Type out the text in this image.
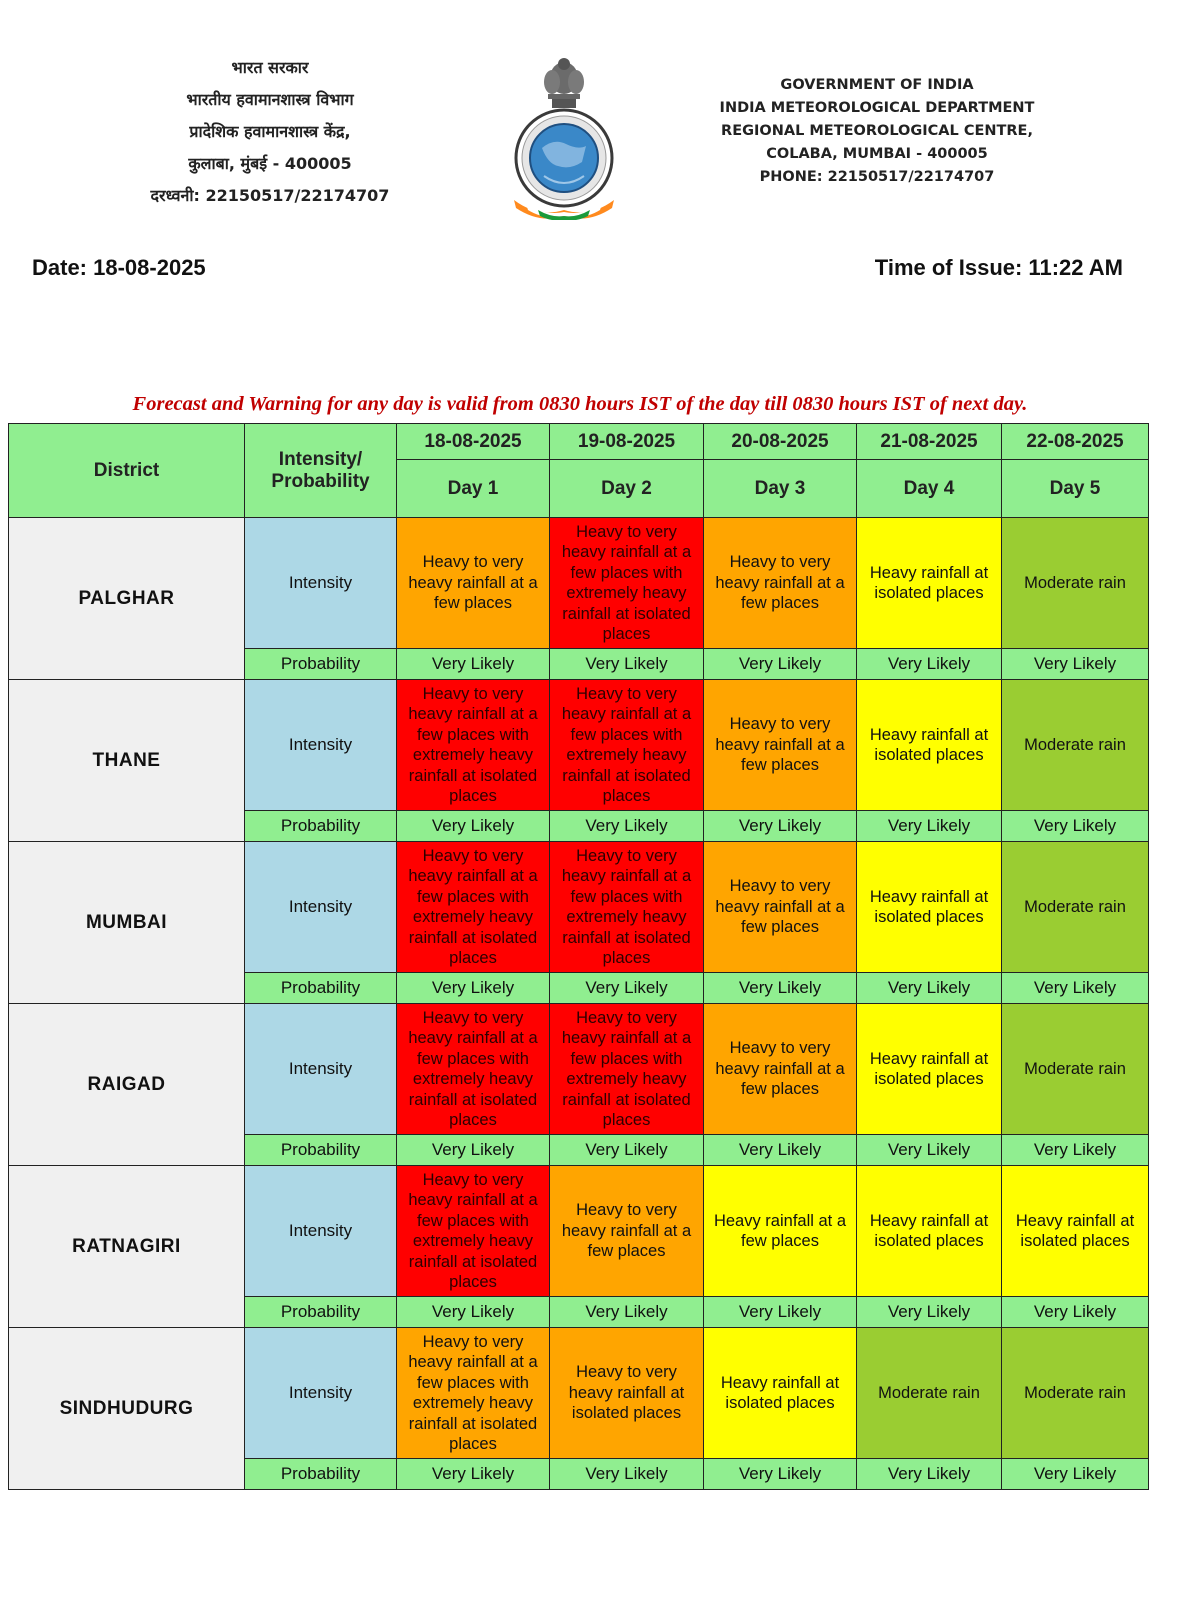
भारत सरकार
भारतीय हवामानशास्त्र विभाग
प्रादेशिक हवामानशास्त्र केंद्र,
कुलाबा, मुंबई - 400005
दरध्वनी: 22150517/22174707
GOVERNMENT OF INDIA
INDIA METEOROLOGICAL DEPARTMENT
REGIONAL METEOROLOGICAL CENTRE,
COLABA, MUMBAI - 400005
PHONE: 22150517/22174707
Date: 18-08-2025	Time of Issue: 11:22 AM
Forecast and Warning for any day is valid from 0830 hours IST of the day till 0830 hours IST of next day.
District	Intensity/ Probability	18-08-2025	19-08-2025	20-08-2025	21-08-2025	22-08-2025
		Day 1	Day 2	Day 3	Day 4	Day 5
PALGHAR	Intensity	Heavy to very heavy rainfall at a few places	Heavy to very heavy rainfall at a few places with extremely heavy rainfall at isolated places	Heavy to very heavy rainfall at a few places	Heavy rainfall at isolated places	Moderate rain

	Probability	Very Likely	Very Likely	Very Likely	Very Likely	Very Likely
THANE	Intensity	Heavy to very heavy rainfall at a few places with extremely heavy rainfall at isolated places	Heavy to very heavy rainfall at a few places with extremely heavy rainfall at isolated places	Heavy to very heavy rainfall at a few places	Heavy rainfall at isolated places	Moderate rain

	Probability	Very Likely	Very Likely	Very Likely	Very Likely	Very Likely
MUMBAI	Intensity	Heavy to very heavy rainfall at a few places with extremely heavy rainfall at isolated places	Heavy to very heavy rainfall at a few places with extremely heavy rainfall at isolated places	Heavy to very heavy rainfall at a few places	Heavy rainfall at isolated places	Moderate rain

	Probability	Very Likely	Very Likely	Very Likely	Very Likely	Very Likely
RAIGAD	Intensity	Heavy to very heavy rainfall at a few places with extremely heavy rainfall at isolated places	Heavy to very heavy rainfall at a few places with extremely heavy rainfall at isolated places	Heavy to very heavy rainfall at a few places	Heavy rainfall at isolated places	Moderate rain

	Probability	Very Likely	Very Likely	Very Likely	Very Likely	Very Likely
RATNAGIRI	Intensity	Heavy to very heavy rainfall at a few places with extremely heavy rainfall at isolated places	Heavy to very heavy rainfall at a few places	Heavy rainfall at a few places	Heavy rainfall at isolated places	Heavy rainfall at isolated places

	Probability	Very Likely	Very Likely	Very Likely	Very Likely	Very Likely
SINDHUDURG	Intensity	Heavy to very heavy rainfall at a few places with extremely heavy rainfall at isolated places	Heavy to very heavy rainfall at isolated places	Heavy rainfall at isolated places	Moderate rain	Moderate rain

	Probability	Very Likely	Very Likely	Very Likely	Very Likely	Very Likely
